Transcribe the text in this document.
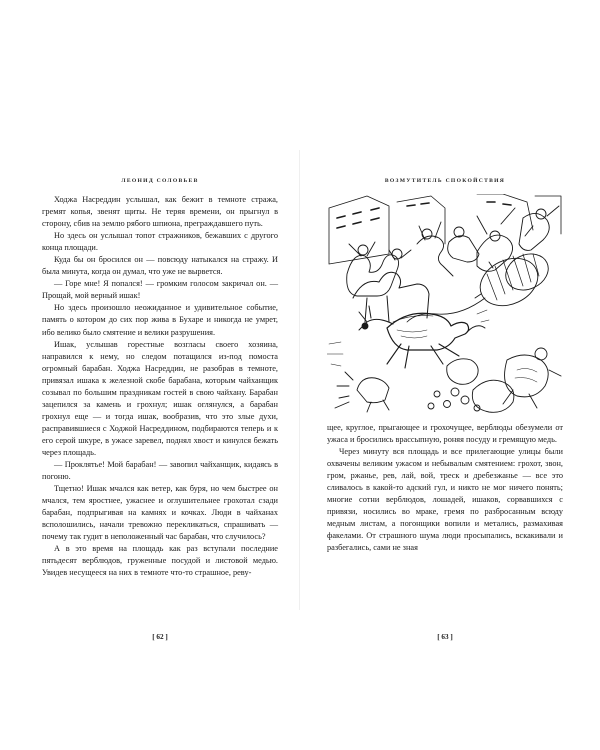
ЛЕОНИД СОЛОВЬЕВ

Ходжа Насреддин услышал, как бежит в темноте стража, гремят копья, звенят щиты. Не теряя времени, он прыгнул в сторону, сбив на землю рябого шпиона, преграждавшего путь.

Но здесь он услышал топот стражников, бежавших с другого конца площади.

Куда бы он бросился он — повсюду натыкался на стражу. И была минута, когда он думал, что уже не вырвется.

— Горе мне! Я попался! — громким голосом закричал он. — Прощай, мой верный ишак!

Но здесь произошло неожиданное и удивительное событие, память о котором до сих пор жива в Бухаре и никогда не умрет, ибо велико было смятение и велики разрушения.

Ишак, услышав горестные возгласы своего хозяина, направился к нему, но следом потащился из-под помоста огромный барабан. Ходжа Насреддин, не разобрав в темноте, привязал ишака к железной скобе барабана, которым чайханщик созывал по большим праздникам гостей в свою чайхану. Барабан зацепился за камень и грохнул; ишак оглянулся, а барабан грохнул еще — и тогда ишак, вообразив, что это злые духи, расправившиеся с Ходжой Насреддином, подбираются теперь и к его серой шкуре, в ужасе заревел, поднял хвост и кинулся бежать через площадь.

— Проклятье! Мой барабан! — завопил чайханщик, кидаясь в погоню.

Тщетно! Ишак мчался как ветер, как буря, но чем быстрее он мчался, тем яростнее, ужаснее и оглушительнее грохотал сзади барабан, подпрыгивая на камнях и кочках. Люди в чайханах всполошились, начали тревожно перекликаться, спрашивать — почему так гудит в неположенный час барабан, что случилось?

А в это время на площадь как раз вступали последние пятьдесят верблюдов, груженные посудой и листовой медью. Увидев несущееся на них в темноте что-то страшное, реву-

[ 62 ]
ВОЗМУТИТЕЛЬ СПОКОЙСТВИЯ

щее, круглое, прыгающее и грохочущее, верблюды обезумели от ужаса и бросились врассыпную, роняя посуду и гремящую медь.

Через минуту вся площадь и все прилегающие улицы были охвачены великим ужасом и небывалым смятением: грохот, звон, гром, ржанье, рев, лай, вой, треск и дребезжанье — все это сливалось в какой-то адский гул, и никто не мог ничего понять; многие сотни верблюдов, лошадей, ишаков, сорвавшихся с привязи, носились во мраке, гремя по разбросанным всюду медным листам, а погонщики вопили и метались, размахивая факелами. От страшного шума люди просыпались, вскакивали и разбегались, сами не зная

[ 63 ]
